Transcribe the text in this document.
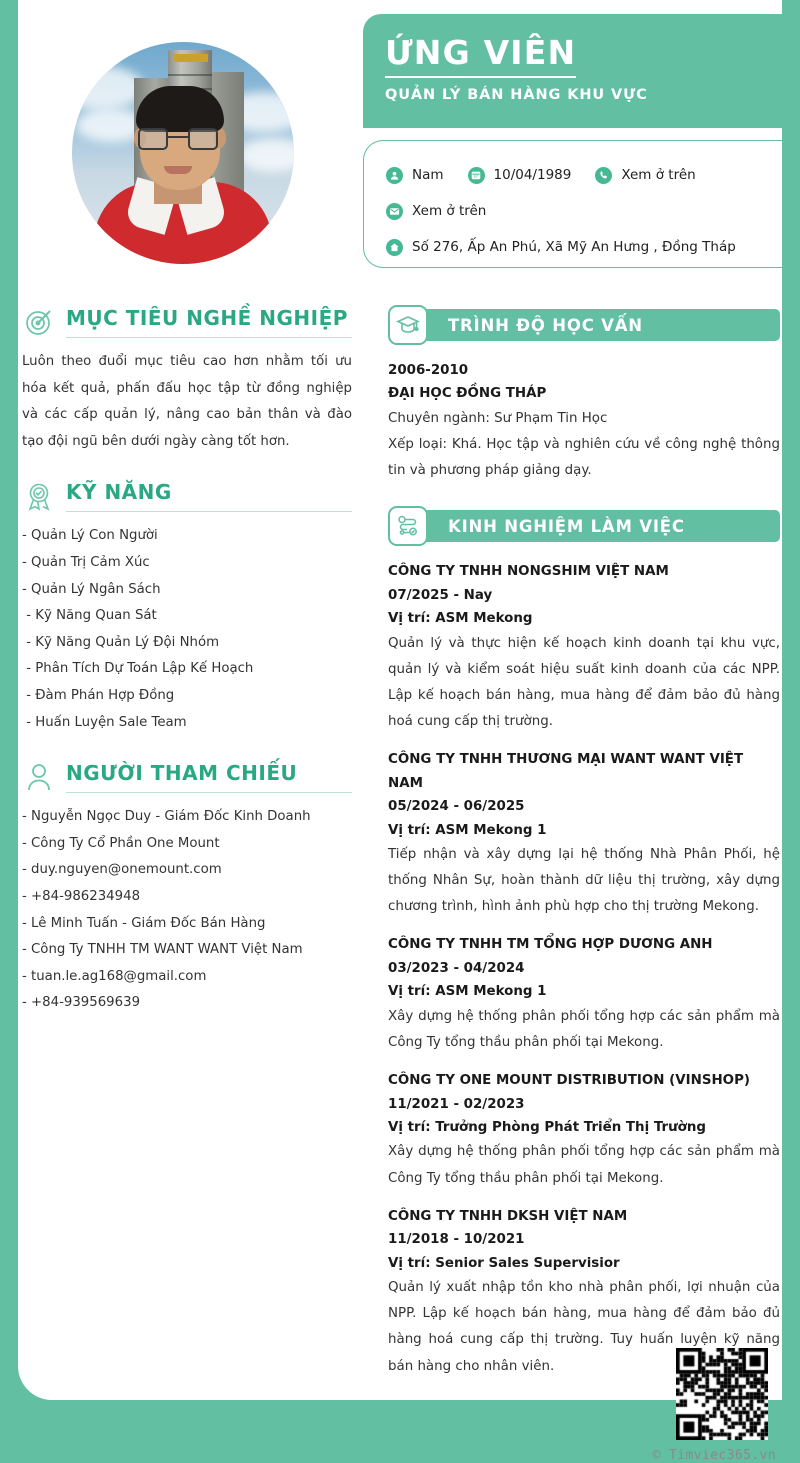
ỨNG VIÊN
QUẢN LÝ BÁN HÀNG KHU VỰC
Nam	10/04/1989	Xem ở trên
Xem ở trên
Số 276, Ấp An Phú, Xã Mỹ An Hưng , Đồng Tháp
MỤC TIÊU NGHỀ NGHIỆP

Luôn theo đuổi mục tiêu cao hơn nhằm tối ưu hóa kết quả, phấn đấu học tập từ đồng nghiệp và các cấp quản lý, nâng cao bản thân và đào tạo đội ngũ bên dưới ngày càng tốt hơn.

KỸ NĂNG
- Quản Lý Con Người
- Quản Trị Cảm Xúc
- Quản Lý Ngân Sách
- Kỹ Năng Quan Sát
- Kỹ Năng Quản Lý Đội Nhóm
- Phân Tích Dự Toán Lập Kế Hoạch
- Đàm Phán Hợp Đồng
- Huấn Luyện Sale Team
NGƯỜI THAM CHIẾU
- Nguyễn Ngọc Duy - Giám Đốc Kinh Doanh
- Công Ty Cổ Phần One Mount
- duy.nguyen@onemount.com
- +84-986234948
- Lê Minh Tuấn - Giám Đốc Bán Hàng
- Công Ty TNHH TM WANT WANT Việt Nam
- tuan.le.ag168@gmail.com
- +84-939569639
TRÌNH ĐỘ HỌC VẤN
2006-2010
ĐẠI HỌC ĐỒNG THÁP
Chuyên ngành: Sư Phạm Tin Học
Xếp loại: Khá. Học tập và nghiên cứu về công nghệ thông tin và phương pháp giảng dạy.
KINH NGHIỆM LÀM VIỆC
CÔNG TY TNHH NONGSHIM VIỆT NAM
07/2025 - Nay
Vị trí: ASM Mekong
Quản lý và thực hiện kế hoạch kinh doanh tại khu vực, quản lý và kiểm soát hiệu suất kinh doanh của các NPP. Lập kế hoạch bán hàng, mua hàng để đảm bảo đủ hàng hoá cung cấp thị trường.
CÔNG TY TNHH THƯƠNG MẠI WANT WANT VIỆT NAM
05/2024 - 06/2025
Vị trí: ASM Mekong 1
Tiếp nhận và xây dựng lại hệ thống Nhà Phân Phối, hệ thống Nhân Sự, hoàn thành dữ liệu thị trường, xây dựng chương trình, hình ảnh phù hợp cho thị trường Mekong.
CÔNG TY TNHH TM TỔNG HỢP DƯƠNG ANH
03/2023 - 04/2024
Vị trí: ASM Mekong 1
Xây dựng hệ thống phân phối tổng hợp các sản phẩm mà Công Ty tổng thầu phân phối tại Mekong.
CÔNG TY ONE MOUNT DISTRIBUTION (VINSHOP)
11/2021 - 02/2023
Vị trí: Trưởng Phòng Phát Triển Thị Trường
Xây dựng hệ thống phân phối tổng hợp các sản phẩm mà Công Ty tổng thầu phân phối tại Mekong.
CÔNG TY TNHH DKSH VIỆT NAM
11/2018 - 10/2021
Vị trí: Senior Sales Supervisior
Quản lý xuất nhập tồn kho nhà phân phối, lợi nhuận của NPP. Lập kế hoạch bán hàng, mua hàng để đảm bảo đủ hàng hoá cung cấp thị trường. Tuy huấn luyện kỹ năng bán hàng cho nhân viên.
© Timviec365.vn
